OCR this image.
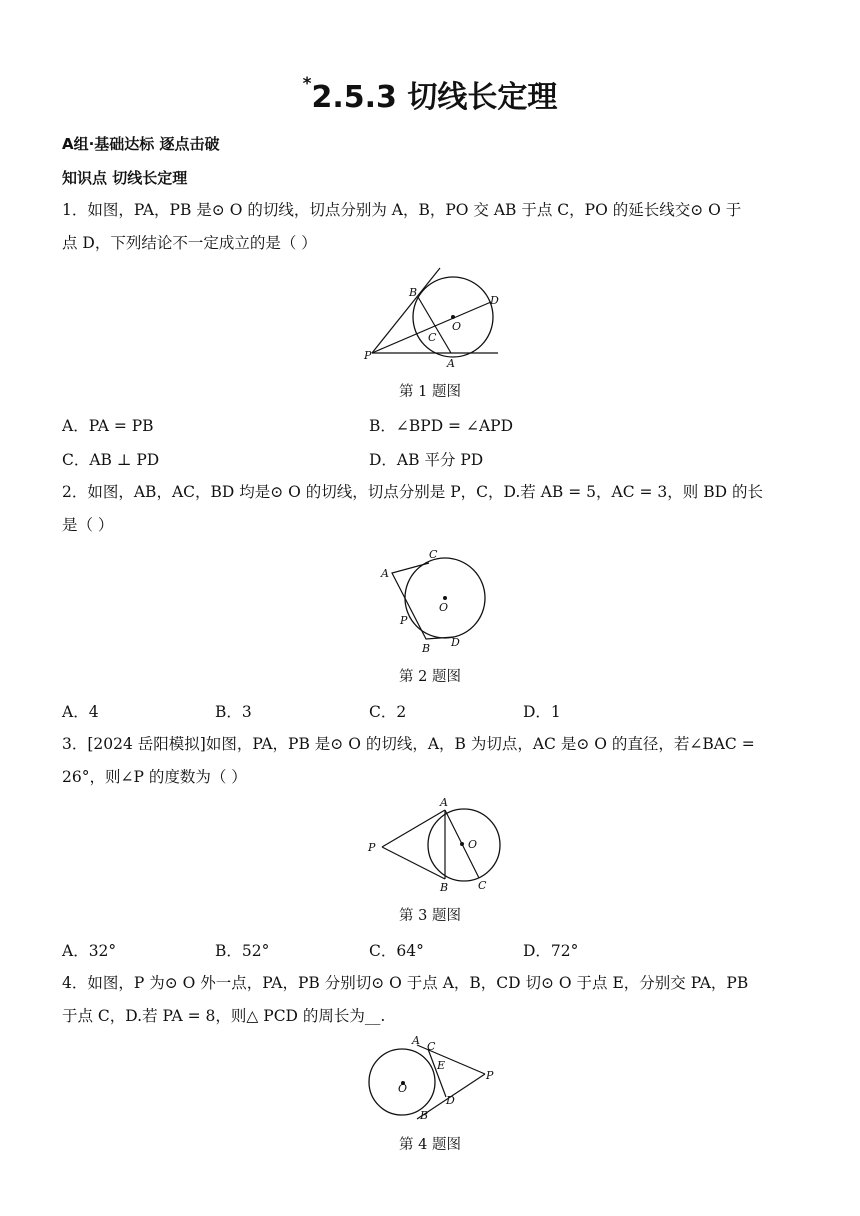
*2.5.3 切线长定理
A组·基础达标 逐点击破
知识点 切线长定理
1．如图，PA，PB 是⊙ O 的切线，切点分别为 A，B，PO 交 AB 于点 C，PO 的延长线交⊙ O 于
点 D，下列结论不一定成立的是（ ）
B
D
O
C
P
A
第 1 题图
A．PA = PB	B．∠BPD = ∠APD
C．AB ⊥ PD	D．AB 平分 PD
2．如图，AB，AC，BD 均是⊙ O 的切线，切点分别是 P，C，D.若 AB = 5，AC = 3，则 BD 的长
是（ ）
C
A
O
P
D
B
第 2 题图
A．4	B．3	C．2	D．1
3．[2024 岳阳模拟]如图，PA，PB 是⊙ O 的切线，A，B 为切点，AC 是⊙ O 的直径，若∠BAC =
26°，则∠P 的度数为（ ）
P
A
O
B	C
第 3 题图
A．32°	B．52°	C．64°	D．72°
4．如图，P 为⊙ O 外一点，PA，PB 分别切⊙ O 于点 A，B，CD 切⊙ O 于点 E，分别交 PA，PB
于点 C，D.若 PA = 8，则△ PCD 的周长为__.
A C
E
P
O
D
B
第 4 题图
